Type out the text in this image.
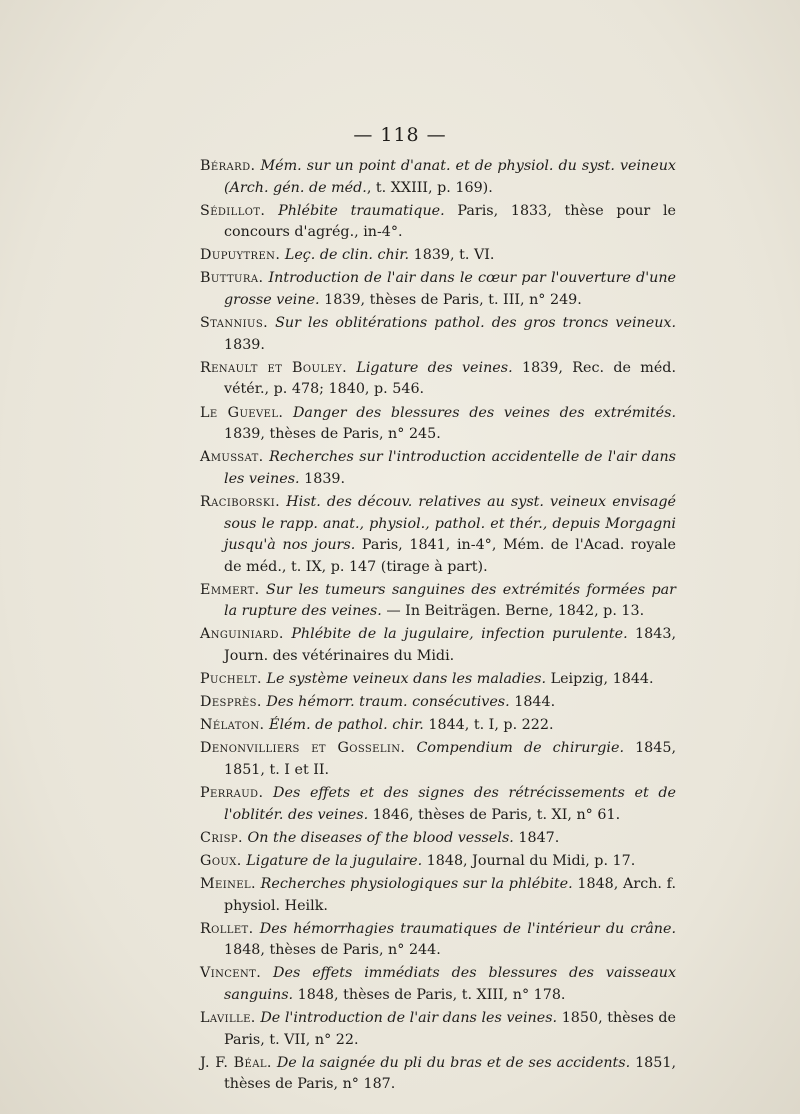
— 118 —

Bérard. Mém. sur un point d'anat. et de physiol. du syst. veineux (Arch. gén. de méd., t. XXIII, p. 169).

Sédillot. Phlébite traumatique. Paris, 1833, thèse pour le concours d'agrég., in-4°.

Dupuytren. Leç. de clin. chir. 1839, t. VI.

Buttura. Introduction de l'air dans le cœur par l'ouverture d'une grosse veine. 1839, thèses de Paris, t. III, n° 249.

Stannius. Sur les oblitérations pathol. des gros troncs veineux. 1839.

Renault et Bouley. Ligature des veines. 1839, Rec. de méd. vétér., p. 478; 1840, p. 546.

Le Guevel. Danger des blessures des veines des extrémités. 1839, thèses de Paris, n° 245.

Amussat. Recherches sur l'introduction accidentelle de l'air dans les veines. 1839.

Raciborski. Hist. des découv. relatives au syst. veineux envisagé sous le rapp. anat., physiol., pathol. et thér., depuis Morgagni jusqu'à nos jours. Paris, 1841, in-4°, Mém. de l'Acad. royale de méd., t. IX, p. 147 (tirage à part).

Emmert. Sur les tumeurs sanguines des extrémités formées par la rupture des veines. — In Beiträgen. Berne, 1842, p. 13.

Anguiniard. Phlébite de la jugulaire, infection purulente. 1843, Journ. des vétérinaires du Midi.

Puchelt. Le système veineux dans les maladies. Leipzig, 1844.

Desprès. Des hémorr. traum. consécutives. 1844.

Nélaton. Élém. de pathol. chir. 1844, t. I, p. 222.

Denonvilliers et Gosselin. Compendium de chirurgie. 1845, 1851, t. I et II.

Perraud. Des effets et des signes des rétrécissements et de l'oblitér. des veines. 1846, thèses de Paris, t. XI, n° 61.

Crisp. On the diseases of the blood vessels. 1847.

Goux. Ligature de la jugulaire. 1848, Journal du Midi, p. 17.

Meinel. Recherches physiologiques sur la phlébite. 1848, Arch. f. physiol. Heilk.

Rollet. Des hémorrhagies traumatiques de l'intérieur du crâne. 1848, thèses de Paris, n° 244.

Vincent. Des effets immédiats des blessures des vaisseaux sanguins. 1848, thèses de Paris, t. XIII, n° 178.

Laville. De l'introduction de l'air dans les veines. 1850, thèses de Paris, t. VII, n° 22.

J. F. Béal. De la saignée du pli du bras et de ses accidents. 1851, thèses de Paris, n° 187.
